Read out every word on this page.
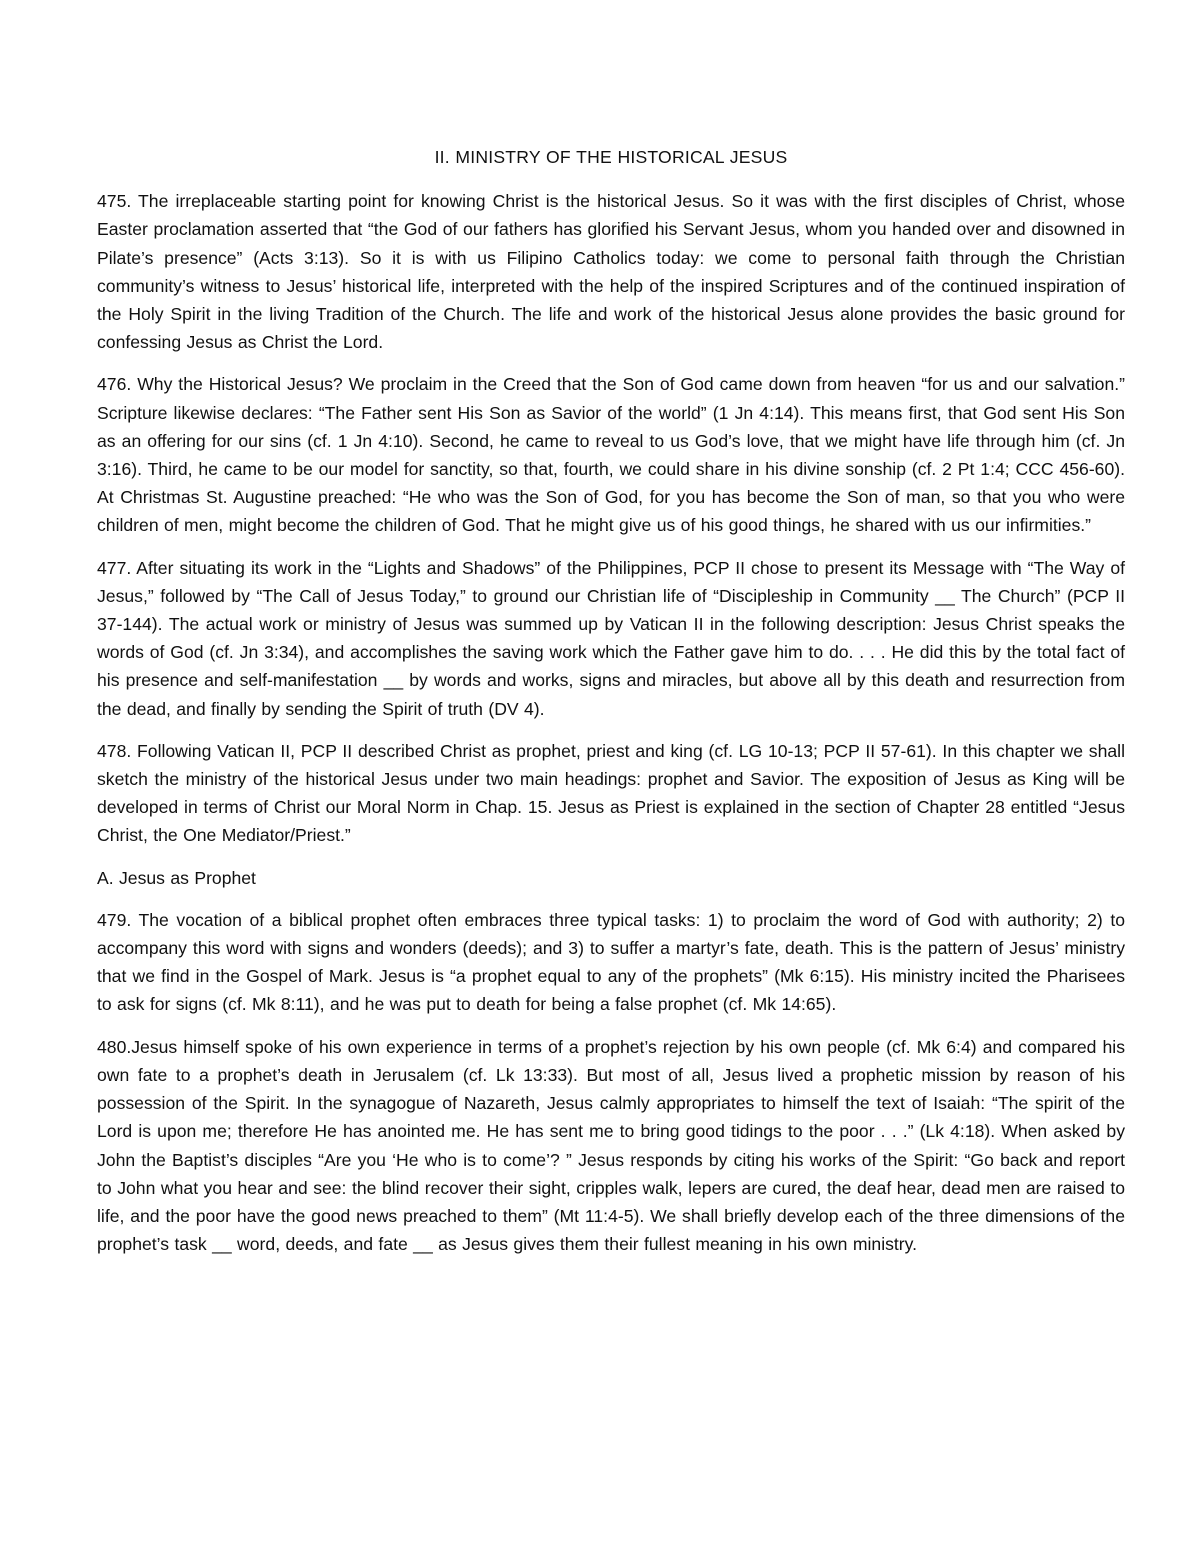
II. MINISTRY OF THE HISTORICAL JESUS

475. The irreplaceable starting point for knowing Christ is the historical Jesus. So it was with the first disciples of Christ, whose Easter proclamation asserted that “the God of our fathers has glorified his Servant Jesus, whom you handed over and disowned in Pilate’s presence” (Acts 3:13). So it is with us Filipino Catholics today: we come to personal faith through the Christian community’s witness to Jesus’ historical life, interpreted with the help of the inspired Scriptures and of the continued inspiration of the Holy Spirit in the living Tradition of the Church. The life and work of the historical Jesus alone provides the basic ground for confessing Jesus as Christ the Lord.

476. Why the Historical Jesus? We proclaim in the Creed that the Son of God came down from heaven “for us and our salvation.” Scripture likewise declares: “The Father sent His Son as Savior of the world” (1 Jn 4:14). This means first, that God sent His Son as an offering for our sins (cf. 1 Jn 4:10). Second, he came to reveal to us God’s love, that we might have life through him (cf. Jn 3:16). Third, he came to be our model for sanctity, so that, fourth, we could share in his divine sonship (cf. 2 Pt 1:4; CCC 456-60). At Christmas St. Augustine preached: “He who was the Son of God, for you has become the Son of man, so that you who were children of men, might become the children of God. That he might give us of his good things, he shared with us our infirmities.”

477. After situating its work in the “Lights and Shadows” of the Philippines, PCP II chose to present its Message with “The Way of Jesus,” followed by “The Call of Jesus Today,” to ground our Christian life of “Discipleship in Community __ The Church” (PCP II 37-144). The actual work or ministry of Jesus was summed up by Vatican II in the following description: Jesus Christ speaks the words of God (cf. Jn 3:34), and accomplishes the saving work which the Father gave him to do. . . . He did this by the total fact of his presence and self-manifestation __ by words and works, signs and miracles, but above all by this death and resurrection from the dead, and finally by sending the Spirit of truth (DV 4).

478. Following Vatican II, PCP II described Christ as prophet, priest and king (cf. LG 10-13; PCP II 57-61). In this chapter we shall sketch the ministry of the historical Jesus under two main headings: prophet and Savior. The exposition of Jesus as King will be developed in terms of Christ our Moral Norm in Chap. 15. Jesus as Priest is explained in the section of Chapter 28 entitled “Jesus Christ, the One Mediator/Priest.”

A. Jesus as Prophet

479. The vocation of a biblical prophet often embraces three typical tasks: 1) to proclaim the word of God with authority; 2) to accompany this word with signs and wonders (deeds); and 3) to suffer a martyr’s fate, death. This is the pattern of Jesus’ ministry that we find in the Gospel of Mark. Jesus is “a prophet equal to any of the prophets” (Mk 6:15). His ministry incited the Pharisees to ask for signs (cf. Mk 8:11), and he was put to death for being a false prophet (cf. Mk 14:65).

480.Jesus himself spoke of his own experience in terms of a prophet’s rejection by his own people (cf. Mk 6:4) and compared his own fate to a prophet’s death in Jerusalem (cf. Lk 13:33). But most of all, Jesus lived a prophetic mission by reason of his possession of the Spirit. In the synagogue of Nazareth, Jesus calmly appropriates to himself the text of Isaiah: “The spirit of the Lord is upon me; therefore He has anointed me. He has sent me to bring good tidings to the poor . . .” (Lk 4:18). When asked by John the Baptist’s disciples “Are you ‘He who is to come’? ” Jesus responds by citing his works of the Spirit: “Go back and report to John what you hear and see: the blind recover their sight, cripples walk, lepers are cured, the deaf hear, dead men are raised to life, and the poor have the good news preached to them” (Mt 11:4-5). We shall briefly develop each of the three dimensions of the prophet’s task __ word, deeds, and fate __ as Jesus gives them their fullest meaning in his own ministry.
